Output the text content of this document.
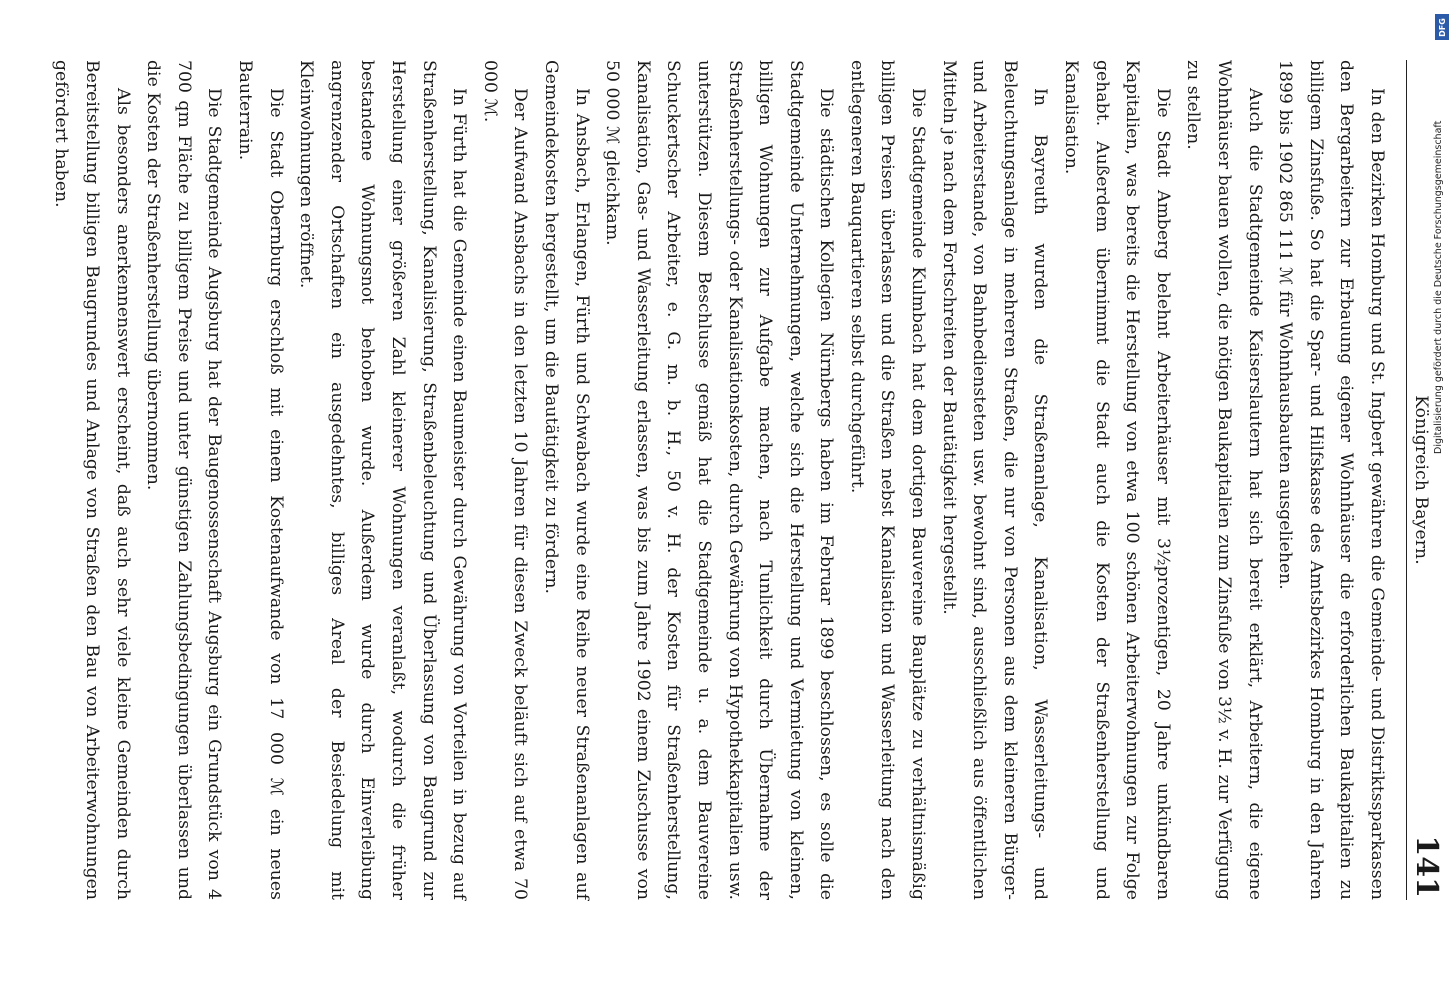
Königreich Bayern.
141

In den Bezirken Homburg und St. Ingbert gewähren die Gemeinde- und Distriktssparkassen den Bergarbeitern zur Erbauung eigener Wohnhäuser die erforderlichen Baukapitalien zu billigem Zinsfuße. So hat die Spar- und Hilfskasse des Amtsbezirkes Homburg in den Jahren 1899 bis 1902 865 111 ℳ für Wohnhausbauten ausgeliehen.

Auch die Stadtgemeinde Kaiserslautern hat sich bereit erklärt, Arbeitern, die eigene Wohnhäuser bauen wollen, die nötigen Baukapitalien zum Zinsfuße von 3½ v. H. zur Verfügung zu stellen.

Die Stadt Amberg belehnt Arbeiterhäuser mit 3½prozentigen, 20 Jahre unkündbaren Kapitalien, was bereits die Herstellung von etwa 100 schönen Arbeiterwohnungen zur Folge gehabt. Außerdem übernimmt die Stadt auch die Kosten der Straßenherstellung und Kanalisation.

In Bayreuth wurden die Straßenanlage, Kanalisation, Wasserleitungs- und Beleuchtungsanlage in mehreren Straßen, die nur von Personen aus dem kleineren Bürger- und Arbeiterstande, von Bahnbediensteten usw. bewohnt sind, ausschließlich aus öffentlichen Mitteln je nach dem Fortschreiten der Bautätigkeit hergestellt.

Die Stadtgemeinde Kulmbach hat dem dortigen Bauvereine Bauplätze zu verhältnismäßig billigen Preisen überlassen und die Straßen nebst Kanalisation und Wasserleitung nach den entlegeneren Bauquartieren selbst durchgeführt.

Die städtischen Kollegien Nürnbergs haben im Februar 1899 beschlossen, es solle die Stadtgemeinde Unternehmungen, welche sich die Herstellung und Vermietung von kleinen, billigen Wohnungen zur Aufgabe machen, nach Tunlichkeit durch Übernahme der Straßenherstellungs- oder Kanalisationskosten, durch Gewährung von Hypothekkapitalien usw. unterstützen. Diesem Beschlusse gemäß hat die Stadtgemeinde u. a. dem Bauvereine Schuckertscher Arbeiter, e. G. m. b. H., 50 v. H. der Kosten für Straßenherstellung, Kanalisation, Gas- und Wasserleitung erlassen, was bis zum Jahre 1902 einem Zuschusse von 50 000 ℳ gleichkam.

In Ansbach, Erlangen, Fürth und Schwabach wurde eine Reihe neuer Straßenanlagen auf Gemeindekosten hergestellt, um die Bautätigkeit zu fördern.

Der Aufwand Ansbachs in den letzten 10 Jahren für diesen Zweck beläuft sich auf etwa 70 000 ℳ.

In Fürth hat die Gemeinde einen Baumeister durch Gewährung von Vorteilen in bezug auf Straßenherstellung, Kanalisierung, Straßenbeleuchtung und Überlassung von Baugrund zur Herstellung einer größeren Zahl kleinerer Wohnungen veranlaßt, wodurch die früher bestandene Wohnungsnot behoben wurde. Außerdem wurde durch Einverleibung angrenzender Ortschaften ein ausgedehntes, billiges Areal der Besiedelung mit Kleinwohnungen eröffnet.

Die Stadt Obernburg erschloß mit einem Kostenaufwande von 17 000 ℳ ein neues Bauterrain.

Die Stadtgemeinde Augsburg hat der Baugenossenschaft Augsburg ein Grundstück von 4 700 qm Fläche zu billigem Preise und unter günstigen Zahlungsbedingungen überlassen und die Kosten der Straßenherstellung übernommen.

Als besonders anerkennenswert erscheint, daß auch sehr viele kleine Gemeinden durch Bereitstellung billigen Baugrundes und Anlage von Straßen den Bau von Arbeiterwohnungen gefördert haben.	Digitalisierung gefördert durch die Deutsche Forschungsgemeinschaft
DFG
